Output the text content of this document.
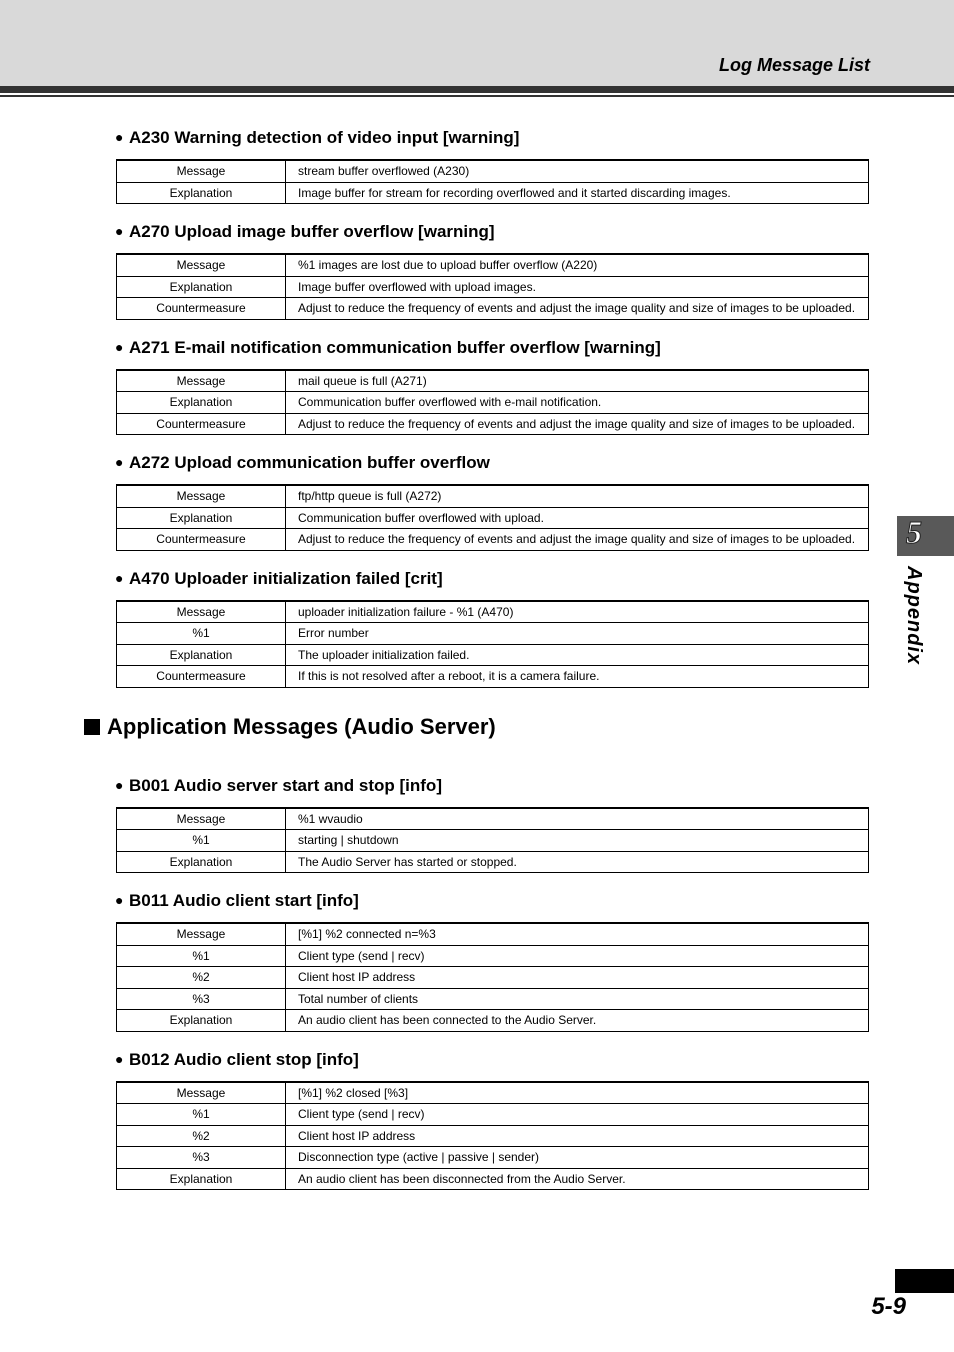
Log Message List
5
Appendix
● A230 Warning detection of video input [warning]
Message	stream buffer overflowed (A230)
Explanation	Image buffer for stream for recording overflowed and it started discarding images.
● A270 Upload image buffer overflow [warning]
Message	%1 images are lost due to upload buffer overflow (A220)
Explanation	Image buffer overflowed with upload images.
Countermeasure	Adjust to reduce the frequency of events and adjust the image quality and size of images to be uploaded.
● A271 E-mail notification communication buffer overflow [warning]
Message	mail queue is full (A271)
Explanation	Communication buffer overflowed with e-mail notification.
Countermeasure	Adjust to reduce the frequency of events and adjust the image quality and size of images to be uploaded.
● A272 Upload communication buffer overflow
Message	ftp/http queue is full (A272)
Explanation	Communication buffer overflowed with upload.
Countermeasure	Adjust to reduce the frequency of events and adjust the image quality and size of images to be uploaded.
● A470 Uploader initialization failed [crit]
Message	uploader initialization failure - %1 (A470)
%1	Error number
Explanation	The uploader initialization failed.
Countermeasure	If this is not resolved after a reboot, it is a camera failure.
Application Messages (Audio Server)
● B001 Audio server start and stop [info]
Message	%1 wvaudio
%1	starting | shutdown
Explanation	The Audio Server has started or stopped.
● B011 Audio client start [info]
Message	[%1] %2 connected n=%3
%1	Client type (send | recv)
%2	Client host IP address
%3	Total number of clients
Explanation	An audio client has been connected to the Audio Server.
● B012 Audio client stop [info]
Message	[%1] %2 closed [%3]
%1	Client type (send | recv)
%2	Client host IP address
%3	Disconnection type (active | passive | sender)
Explanation	An audio client has been disconnected from the Audio Server.
5-9
